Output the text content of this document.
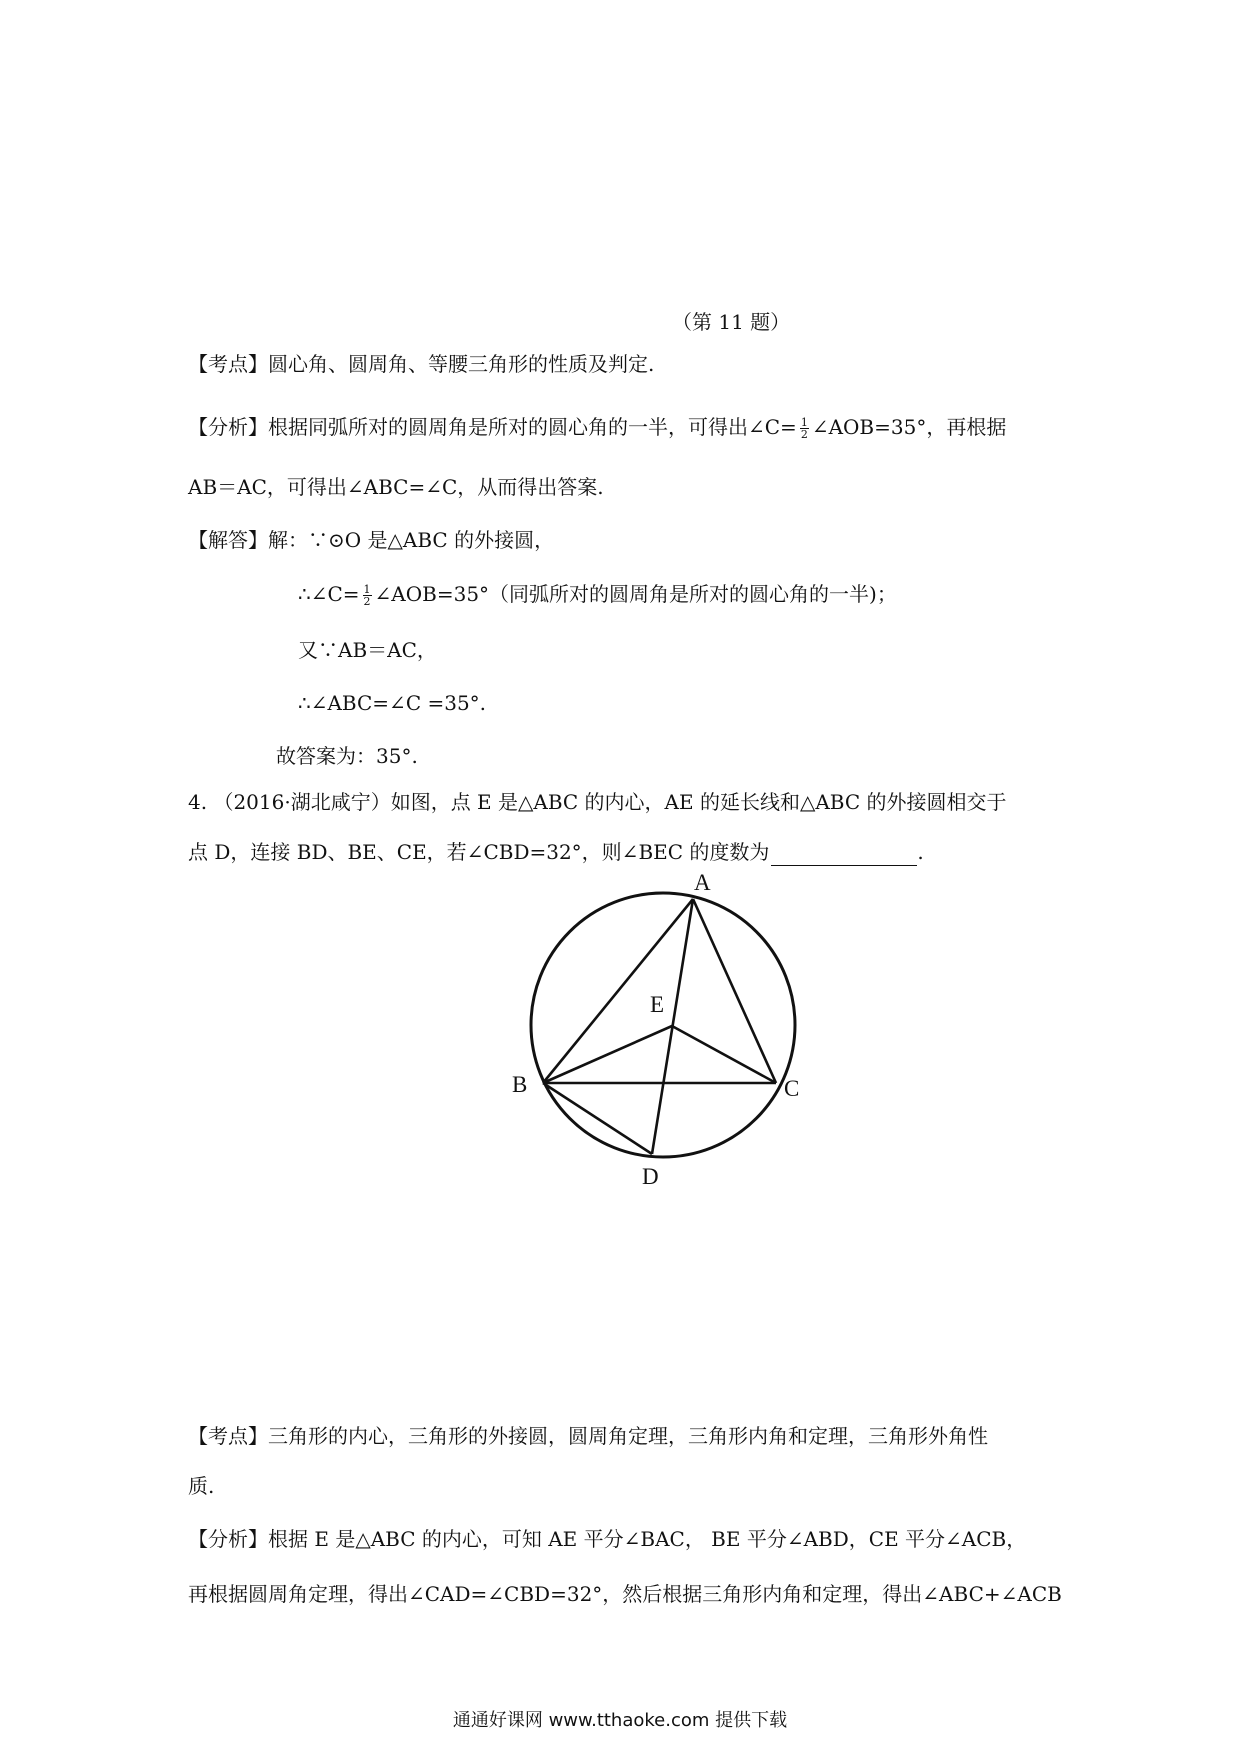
（第 11 题）
【考点】圆心角、圆周角、等腰三角形的性质及判定.
【分析】根据同弧所对的圆周角是所对的圆心角的一半，可得出∠C= $\frac{1}{2}$ ∠AOB=35°，再根据
AB＝AC，可得出∠ABC=∠C，从而得出答案.
【解答】解：∵⊙O 是△ABC 的外接圆，
∴∠C= $\frac{1}{2}$ ∠AOB=35°（同弧所对的圆周角是所对的圆心角的一半)；
又∵AB＝AC，
∴∠ABC=∠C =35°.
故答案为：35°.
4. （2016·湖北咸宁）如图，点 E 是△ABC 的内心，AE 的延长线和△ABC 的外接圆相交于
点 D，连接 BD、BE、CE，若∠CBD=32°，则∠BEC 的度数为	.
A
B	C
D
E
【考点】三角形的内心，三角形的外接圆，圆周角定理，三角形内角和定理，三角形外角性
质.
【分析】根据 E 是△ABC 的内心，可知 AE 平分∠BAC， BE 平分∠ABD，CE 平分∠ACB，
再根据圆周角定理，得出∠CAD=∠CBD=32°，然后根据三角形内角和定理，得出∠ABC+∠ACB
通通好课网 www.tthaoke.com 提供下载
